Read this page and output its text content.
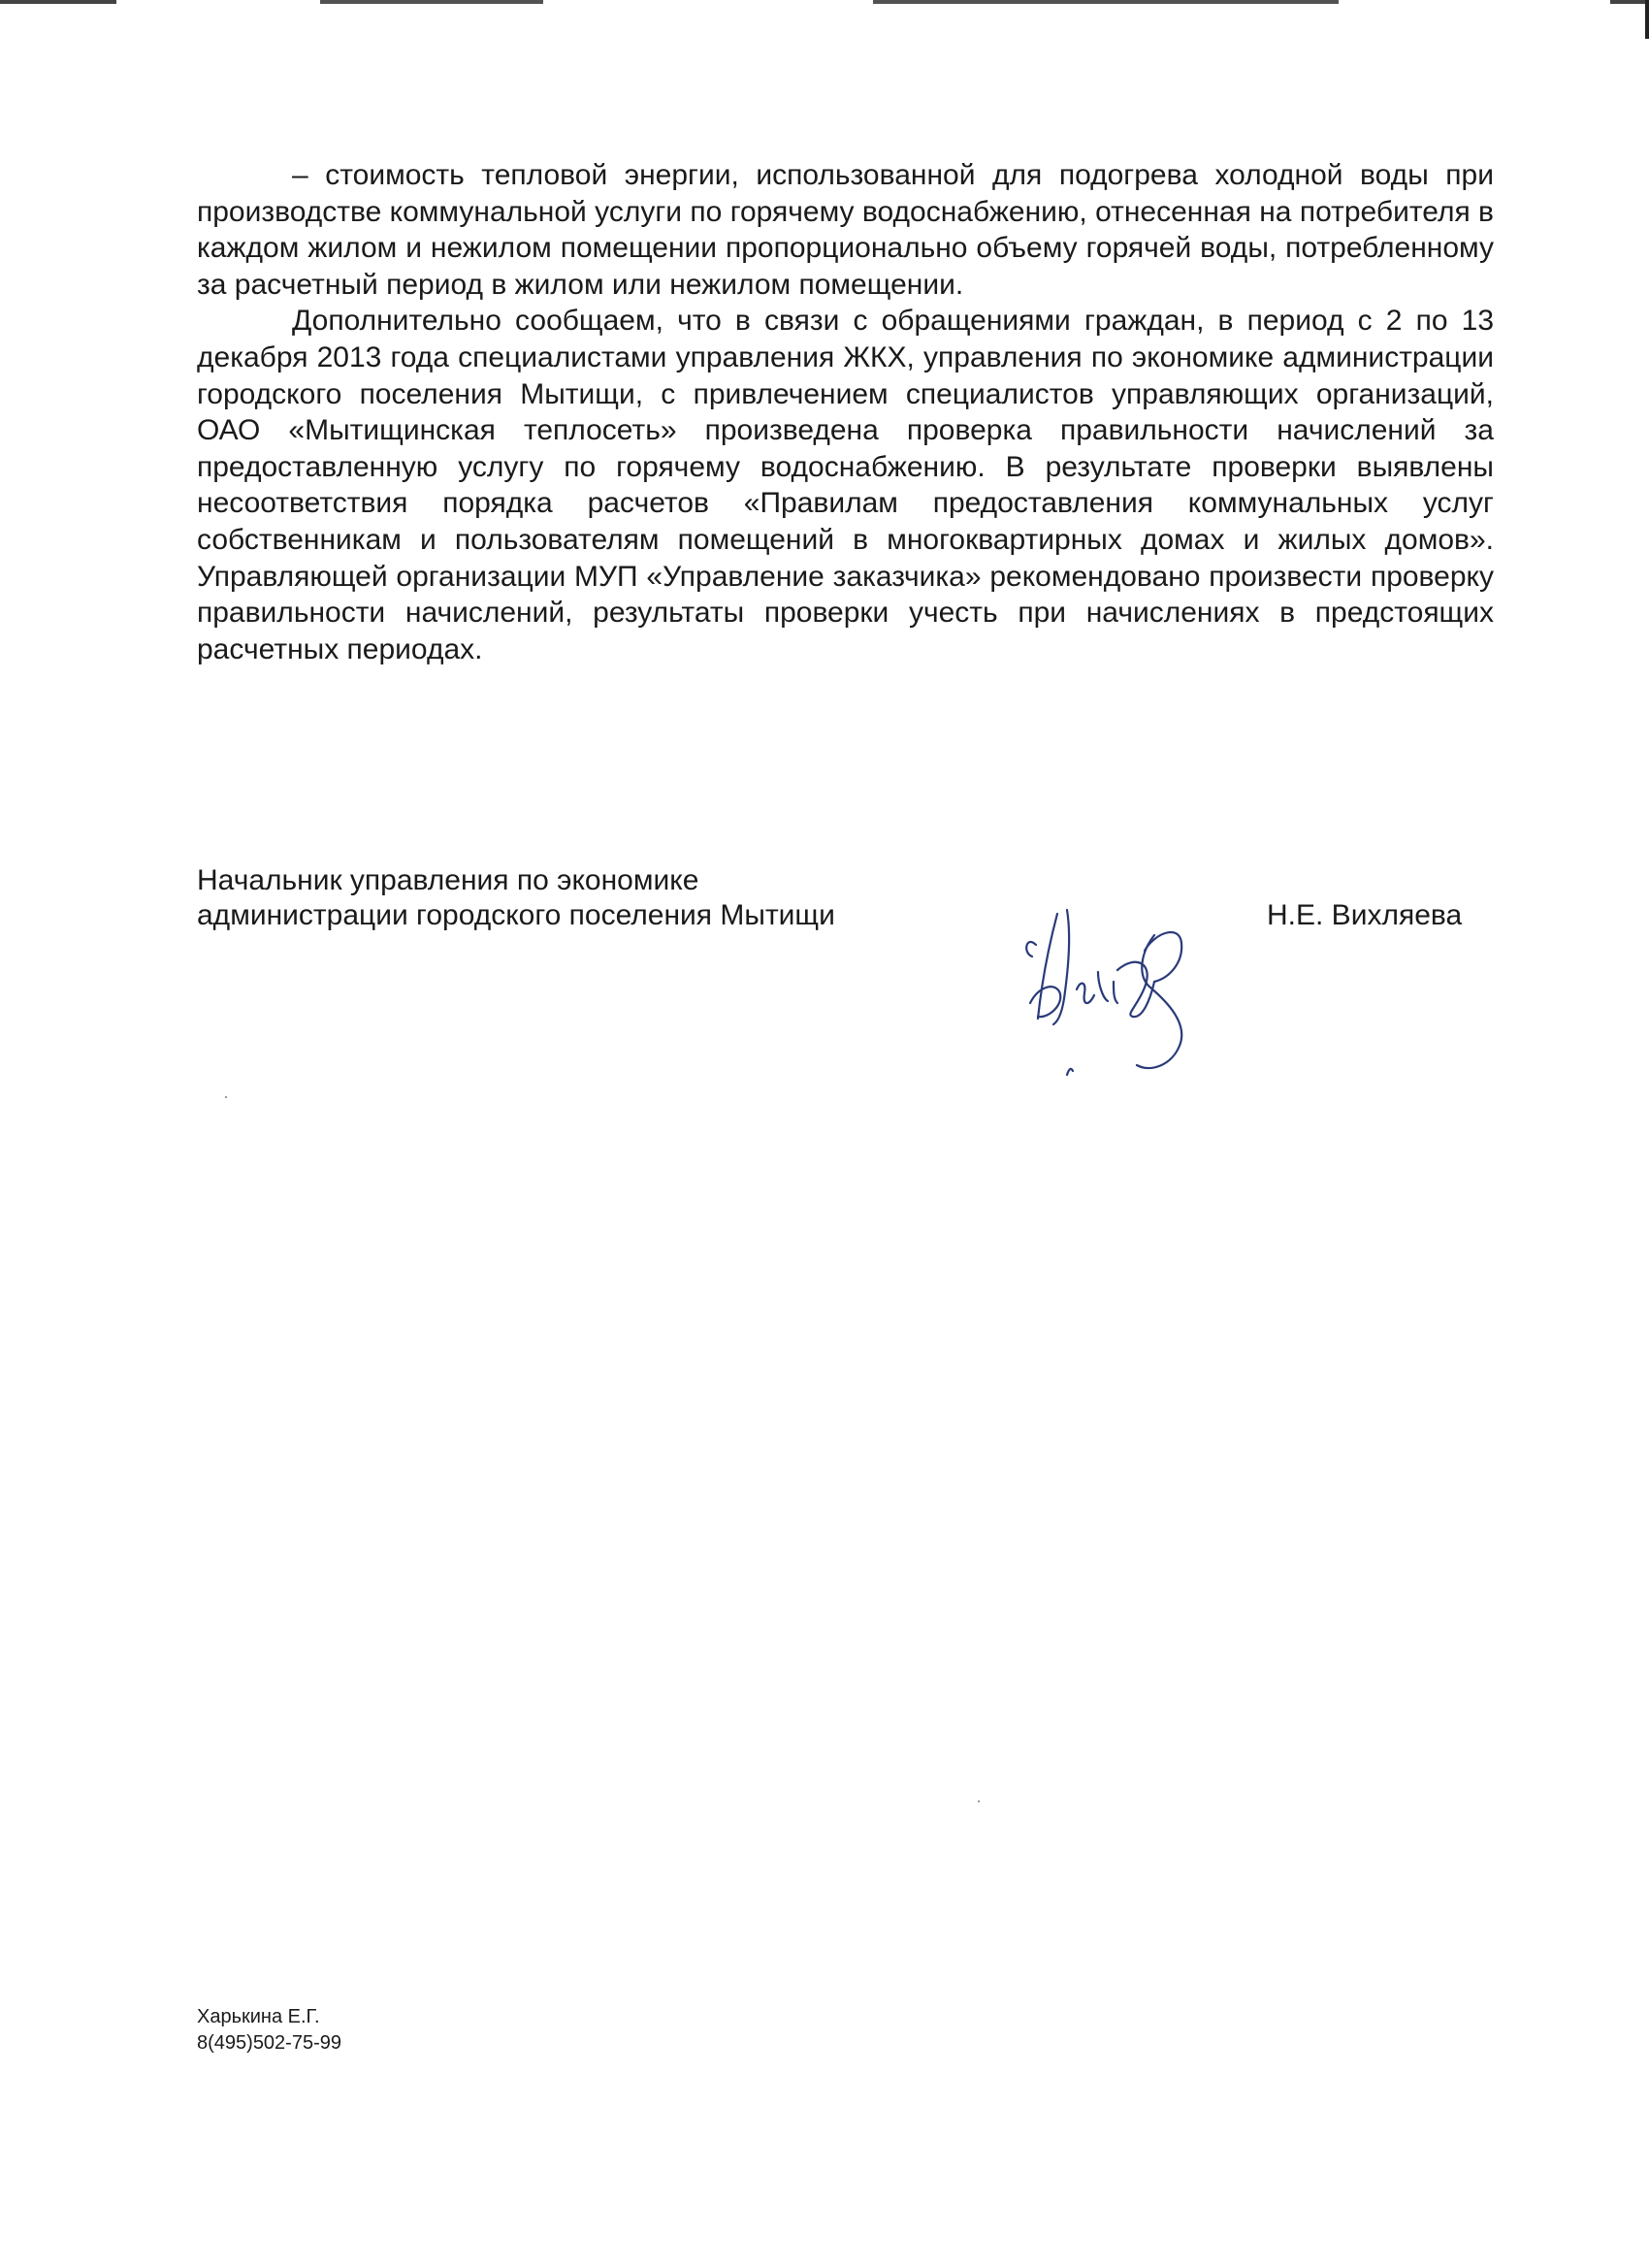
– стоимость тепловой энергии, использованной для подогрева холодной воды при производстве коммунальной услуги по горячему водоснабжению, отнесенная на потребителя в каждом жилом и нежилом помещении пропорционально объему горячей воды, потребленному за расчетный период в жилом или нежилом помещении.

Дополнительно сообщаем, что в связи с обращениями граждан, в период с 2 по 13 декабря 2013 года специалистами управления ЖКХ, управления по экономике администрации городского поселения Мытищи, с привлечением специалистов управляющих организаций, ОАО «Мытищинская теплосеть» произведена проверка правильности начислений за предоставленную услугу по горячему водоснабжению. В результате проверки выявлены несоответствия порядка расчетов «Правилам предоставления коммунальных услуг собственникам и пользователям помещений в многоквартирных домах и жилых домов». Управляющей организации МУП «Управление заказчика» рекомендовано произвести проверку правильности начислений, результаты проверки учесть при начислениях в предстоящих расчетных периодах.

Начальник управления по экономике
администрации городского поселения Мытищи	Н.Е. Вихляева
Харькина Е.Г.
8(495)502-75-99
